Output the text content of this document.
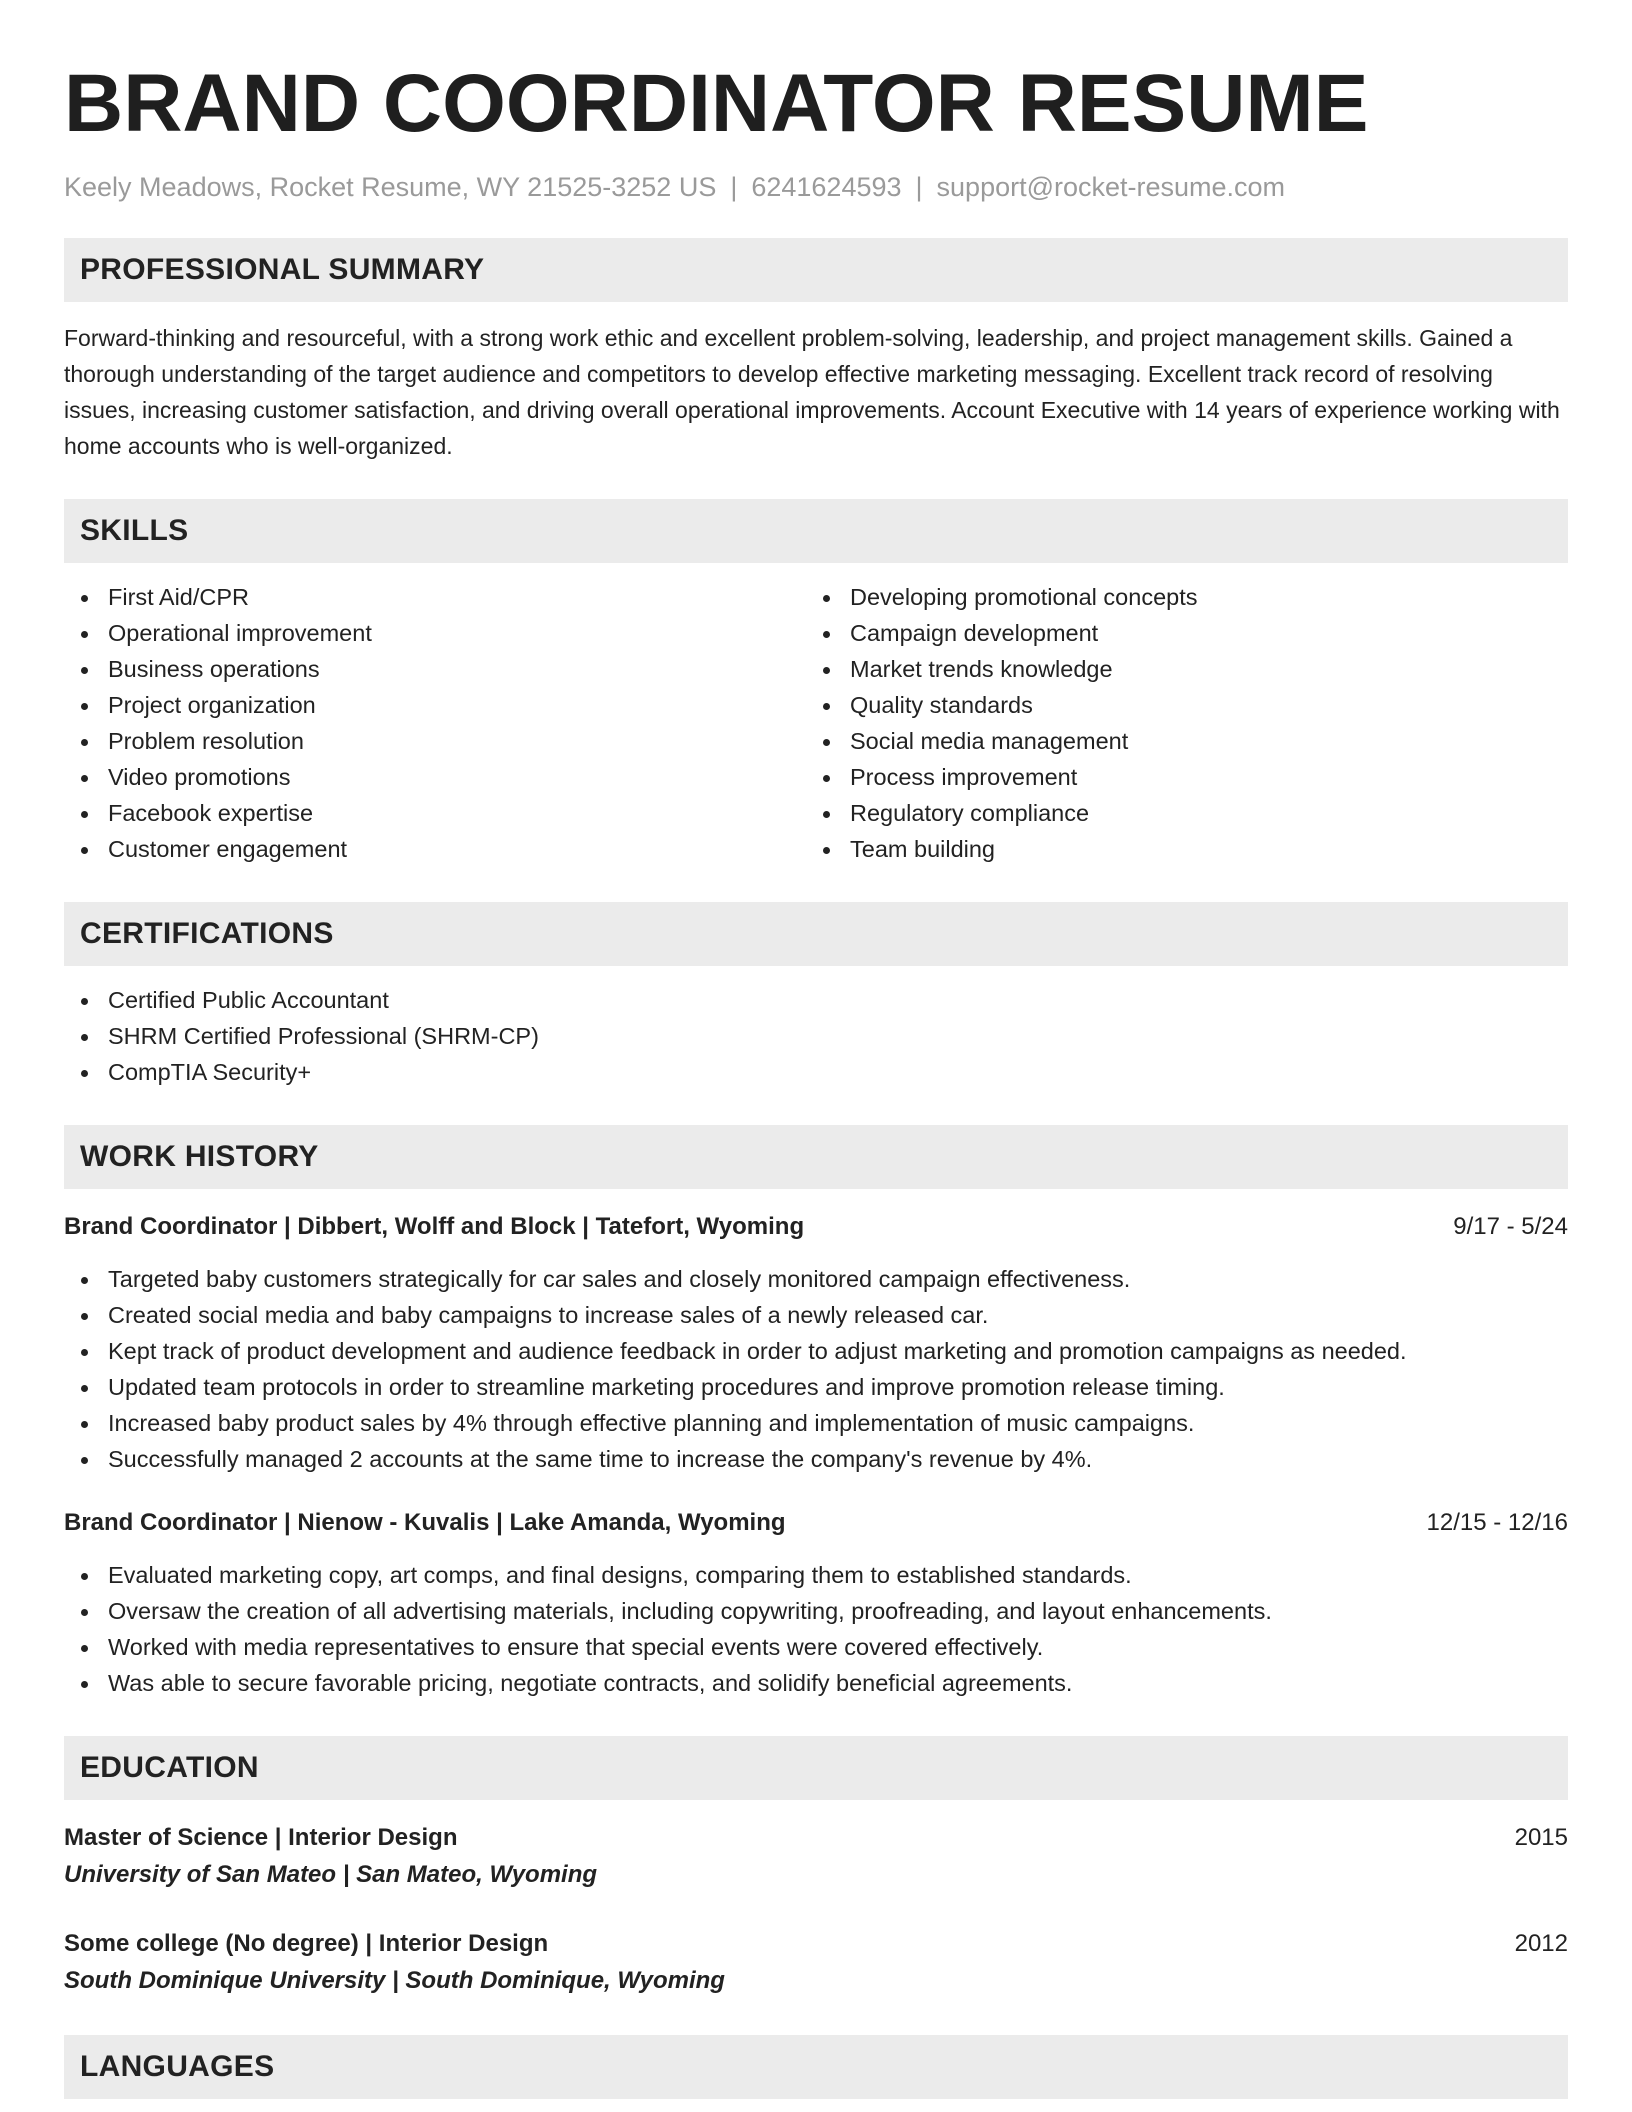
BRAND COORDINATOR RESUME
Keely Meadows, Rocket Resume, WY 21525-3252 US | 6241624593 | support@rocket-resume.com
PROFESSIONAL SUMMARY

Forward-thinking and resourceful, with a strong work ethic and excellent problem-solving, leadership, and project management skills. Gained a thorough understanding of the target audience and competitors to develop effective marketing messaging. Excellent track record of resolving issues, increasing customer satisfaction, and driving overall operational improvements. Account Executive with 14 years of experience working with home accounts who is well-organized.

SKILLS
First Aid/CPR
Operational improvement
Business operations
Project organization
Problem resolution
Video promotions
Facebook expertise
Customer engagement
Developing promotional concepts
Campaign development
Market trends knowledge
Quality standards
Social media management
Process improvement
Regulatory compliance
Team building
CERTIFICATIONS
Certified Public Accountant
SHRM Certified Professional (SHRM-CP)
CompTIA Security+
WORK HISTORY
Brand Coordinator | Dibbert, Wolff and Block | Tatefort, Wyoming	9/17 - 5/24
Targeted baby customers strategically for car sales and closely monitored campaign effectiveness.
Created social media and baby campaigns to increase sales of a newly released car.
Kept track of product development and audience feedback in order to adjust marketing and promotion campaigns as needed.
Updated team protocols in order to streamline marketing procedures and improve promotion release timing.
Increased baby product sales by 4% through effective planning and implementation of music campaigns.
Successfully managed 2 accounts at the same time to increase the company's revenue by 4%.
Brand Coordinator | Nienow - Kuvalis | Lake Amanda, Wyoming	12/15 - 12/16
Evaluated marketing copy, art comps, and final designs, comparing them to established standards.
Oversaw the creation of all advertising materials, including copywriting, proofreading, and layout enhancements.
Worked with media representatives to ensure that special events were covered effectively.
Was able to secure favorable pricing, negotiate contracts, and solidify beneficial agreements.
EDUCATION
Master of Science | Interior Design	2015
University of San Mateo | San Mateo, Wyoming
Some college (No degree) | Interior Design	2012
South Dominique University | South Dominique, Wyoming
LANGUAGES
